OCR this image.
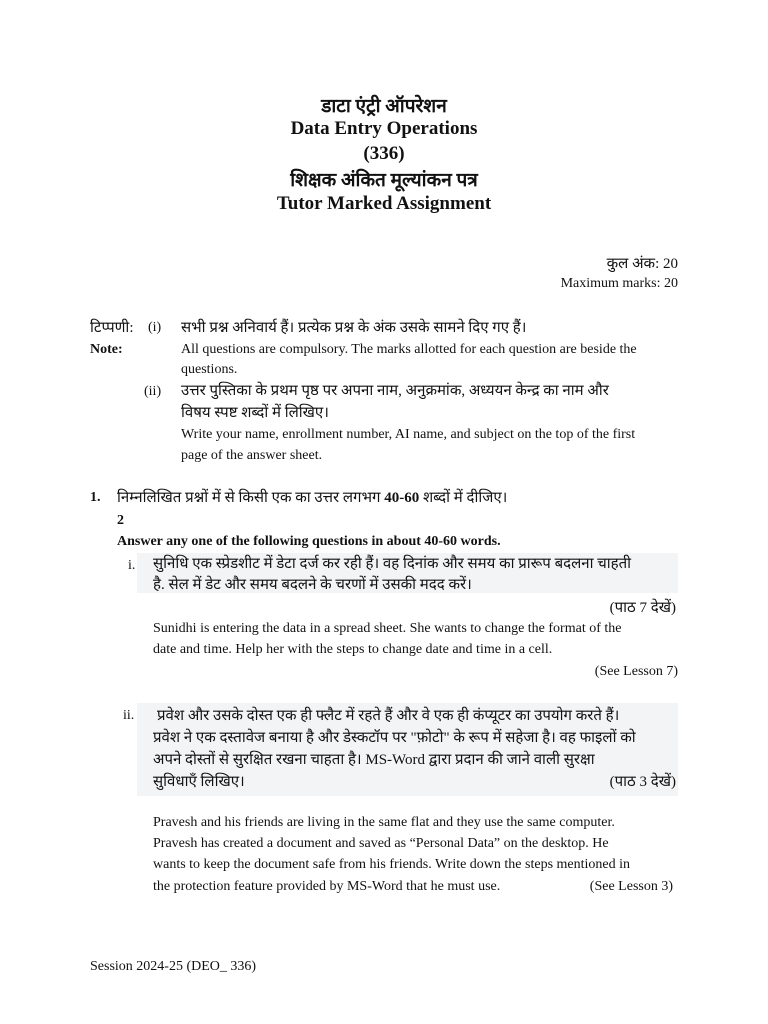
डाटा एंट्री ऑपरेशन
Data Entry Operations
(336)
शिक्षक अंकित मूल्यांकन पत्र
Tutor Marked Assignment
कुल अंक: 20
Maximum marks: 20
टिप्पणी: (i) सभी प्रश्न अनिवार्य हैं। प्रत्येक प्रश्न के अंक उसके सामने दिए गए हैं।
Note:	All questions are compulsory. The marks allotted for each question are beside the
questions.
(ii) उत्तर पुस्तिका के प्रथम पृष्ठ पर अपना नाम, अनुक्रमांक, अध्ययन केन्द्र का नाम और
विषय स्पष्ट शब्दों में लिखिए।
Write your name, enrollment number, AI name, and subject on the top of the first
page of the answer sheet.
1. निम्नलिखित प्रश्नों में से किसी एक का उत्तर लगभग 40-60 शब्दों में दीजिए।
2
Answer any one of the following questions in about 40-60 words.
i. सुनिधि एक स्प्रेडशीट में डेटा दर्ज कर रही हैं। वह दिनांक और समय का प्रारूप बदलना चाहती
है. सेल में डेट और समय बदलने के चरणों में उसकी मदद करें।
(पाठ 7 देखें)
Sunidhi is entering the data in a spread sheet. She wants to change the format of the
date and time. Help her with the steps to change date and time in a cell.
(See Lesson 7)
ii. प्रवेश और उसके दोस्त एक ही फ्लैट में रहते हैं और वे एक ही कंप्यूटर का उपयोग करते हैं।
प्रवेश ने एक दस्तावेज बनाया है और डेस्कटॉप पर "फ़ोटो" के रूप में सहेजा है। वह फाइलों को
अपने दोस्तों से सुरक्षित रखना चाहता है। MS-Word द्वारा प्रदान की जाने वाली सुरक्षा
सुविधाएँ लिखिए।	(पाठ 3 देखें)
Pravesh and his friends are living in the same flat and they use the same computer.
Pravesh has created a document and saved as “Personal Data” on the desktop. He
wants to keep the document safe from his friends. Write down the steps mentioned in
the protection feature provided by MS-Word that he must use.	(See Lesson 3)
Session 2024-25 (DEO_ 336)
